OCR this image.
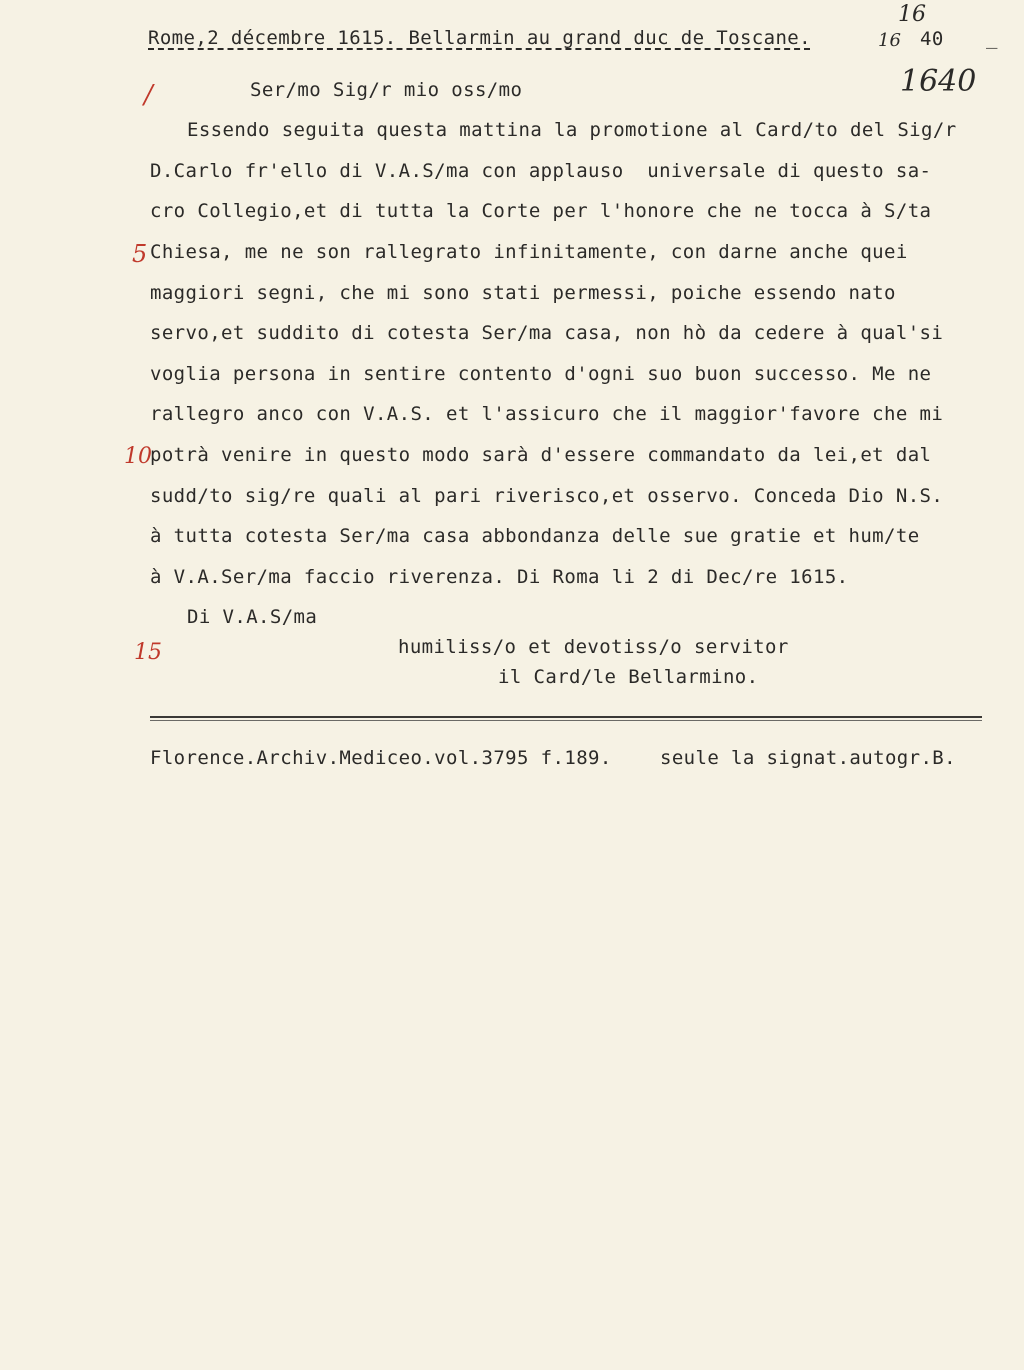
Rome,2 décembre 1615. Bellarmin au grand duc de Toscane.	40
16
16	_
1640
/
5
10
15
Ser/mo Sig/r mio oss/mo
Essendo seguita questa mattina la promotione al Card/to del Sig/r
D.Carlo fr'ello di V.A.S/ma con applauso  universale di questo sa-
cro Collegio,et di tutta la Corte per l'honore che ne tocca à S/ta
Chiesa, me ne son rallegrato infinitamente, con darne anche quei
maggiori segni, che mi sono stati permessi, poiche essendo nato
servo,et suddito di cotesta Ser/ma casa, non hò da cedere à qual'si
voglia persona in sentire contento d'ogni suo buon successo. Me ne
rallegro anco con V.A.S. et l'assicuro che il maggior'favore che mi
potrà venire in questo modo sarà d'essere commandato da lei,et dal
sudd/to sig/re quali al pari riverisco,et osservo. Conceda Dio N.S.
à tutta cotesta Ser/ma casa abbondanza delle sue gratie et hum/te
à V.A.Ser/ma faccio riverenza. Di Roma li 2 di Dec/re 1615.
Di V.A.S/ma
humiliss/o et devotiss/o servitor
il Card/le Bellarmino.
Florence.Archiv.Mediceo.vol.3795 f.189.	seule la signat.autogr.B.
